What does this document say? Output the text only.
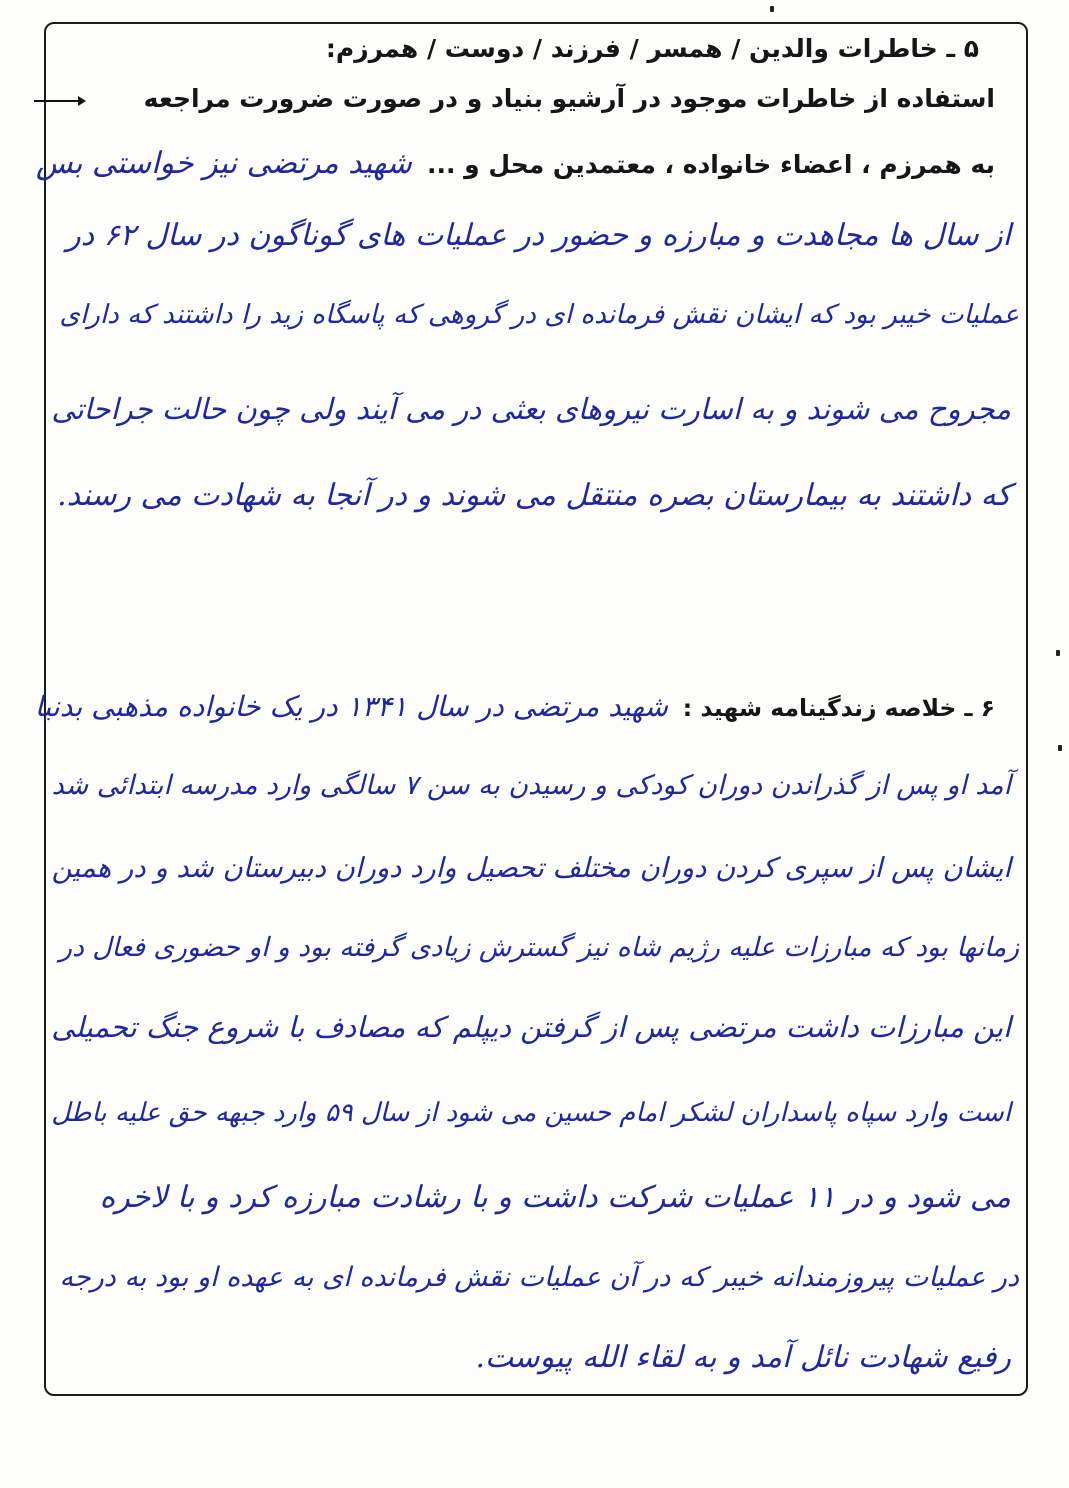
۵ ـ خاطرات والدین / همسر / فرزند / دوست / همرزم:
استفاده از خاطرات موجود در آرشیو بنیاد و در صورت ضرورت مراجعه
به همرزم ، اعضاء خانواده ، معتمدین محل و ... شهید مرتضی نیز خواستی بس
از سال ها مجاهدت و مبارزه و حضور در عملیات های گوناگون در سال ۶۲ در
عملیات خیبر بود که ایشان نقش فرمانده ای در گروهی که پاسگاه زید را داشتند که دارای
مجروح می شوند و به اسارت نیروهای بعثی در می آیند ولی چون حالت جراحاتی
که داشتند به بیمارستان بصره منتقل می شوند و در آنجا به شهادت می رسند.
۶ ـ خلاصه زندگینامه شهید : شهید مرتضی در سال ۱۳۴۱ در یک خانواده مذهبی بدنیا
آمد او پس از گذراندن دوران کودکی و رسیدن به سن ۷ سالگی وارد مدرسه ابتدائی شد
ایشان پس از سپری کردن دوران مختلف تحصیل وارد دوران دبیرستان شد و در همین
زمانها بود که مبارزات علیه رژیم شاه نیز گسترش زیادی گرفته بود و او حضوری فعال در
این مبارزات داشت مرتضی پس از گرفتن دیپلم که مصادف با شروع جنگ تحمیلی
است وارد سپاه پاسداران لشکر امام حسین می شود از سال ۵۹ وارد جبهه حق علیه باطل
می شود و در ۱۱ عملیات شرکت داشت و با رشادت مبارزه کرد و با لاخره
در عملیات پیروزمندانه خیبر که در آن عملیات نقش فرمانده ای به عهده او بود به درجه
رفیع شهادت نائل آمد و به لقاء الله پیوست.
